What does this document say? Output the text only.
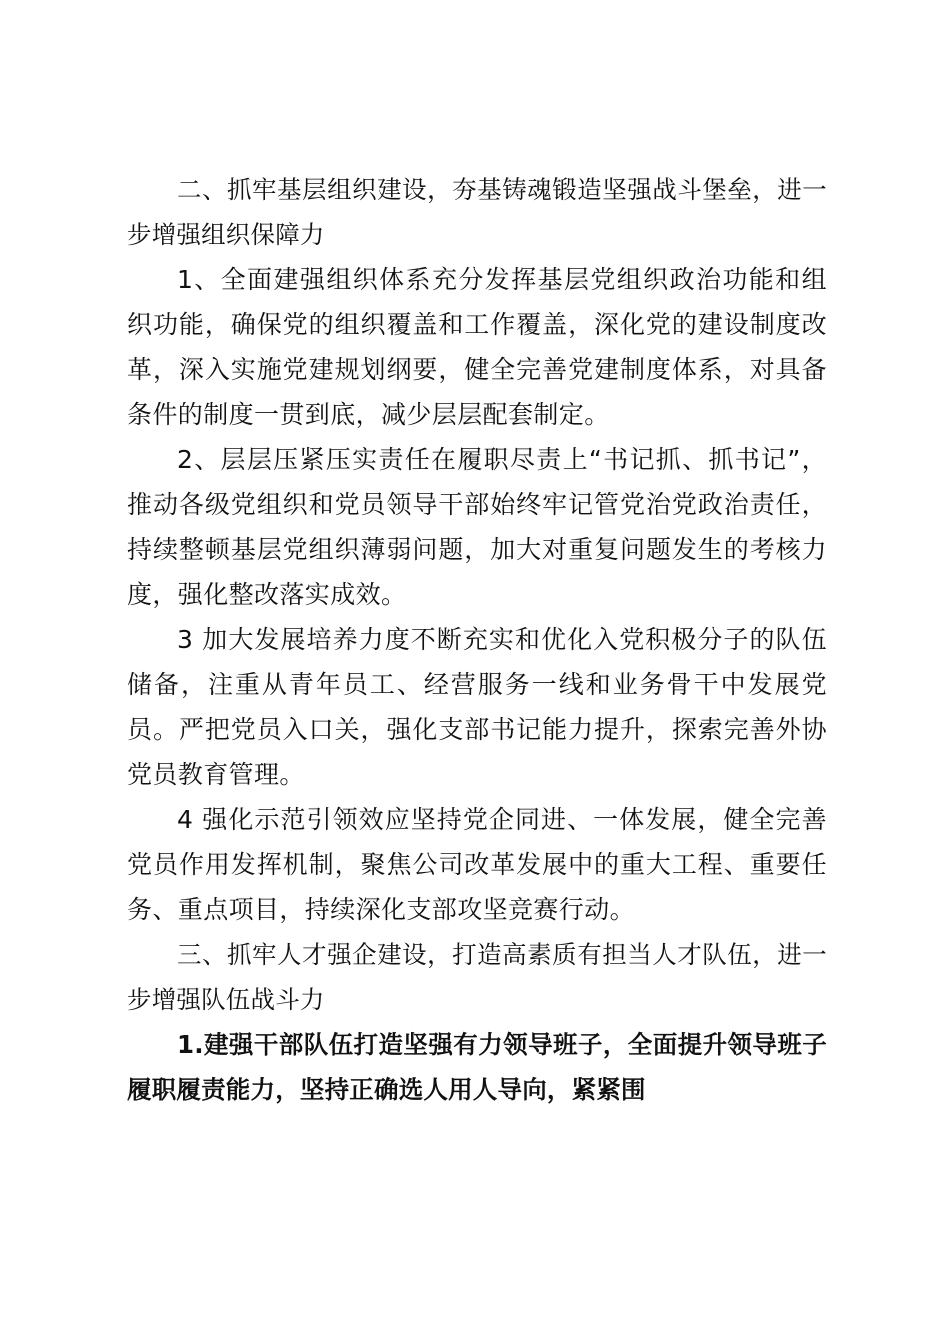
二、抓牢基层组织建设，夯基铸魂锻造坚强战斗堡垒，进一步增强组织保障力

1、全面建强组织体系充分发挥基层党组织政治功能和组织功能，确保党的组织覆盖和工作覆盖，深化党的建设制度改革，深入实施党建规划纲要，健全完善党建制度体系，对具备条件的制度一贯到底，减少层层配套制定。

2、层层压紧压实责任在履职尽责上“书记抓、抓书记”，推动各级党组织和党员领导干部始终牢记管党治党政治责任，持续整顿基层党组织薄弱问题，加大对重复问题发生的考核力度，强化整改落实成效。

3 加大发展培养力度不断充实和优化入党积极分子的队伍储备，注重从青年员工、经营服务一线和业务骨干中发展党员。严把党员入口关，强化支部书记能力提升，探索完善外协党员教育管理。

4 强化示范引领效应坚持党企同进、一体发展，健全完善党员作用发挥机制，聚焦公司改革发展中的重大工程、重要任务、重点项目，持续深化支部攻坚竞赛行动。

三、抓牢人才强企建设，打造高素质有担当人才队伍，进一步增强队伍战斗力

1.建强干部队伍打造坚强有力领导班子，全面提升领导班子履职履责能力，坚持正确选人用人导向，紧紧围
